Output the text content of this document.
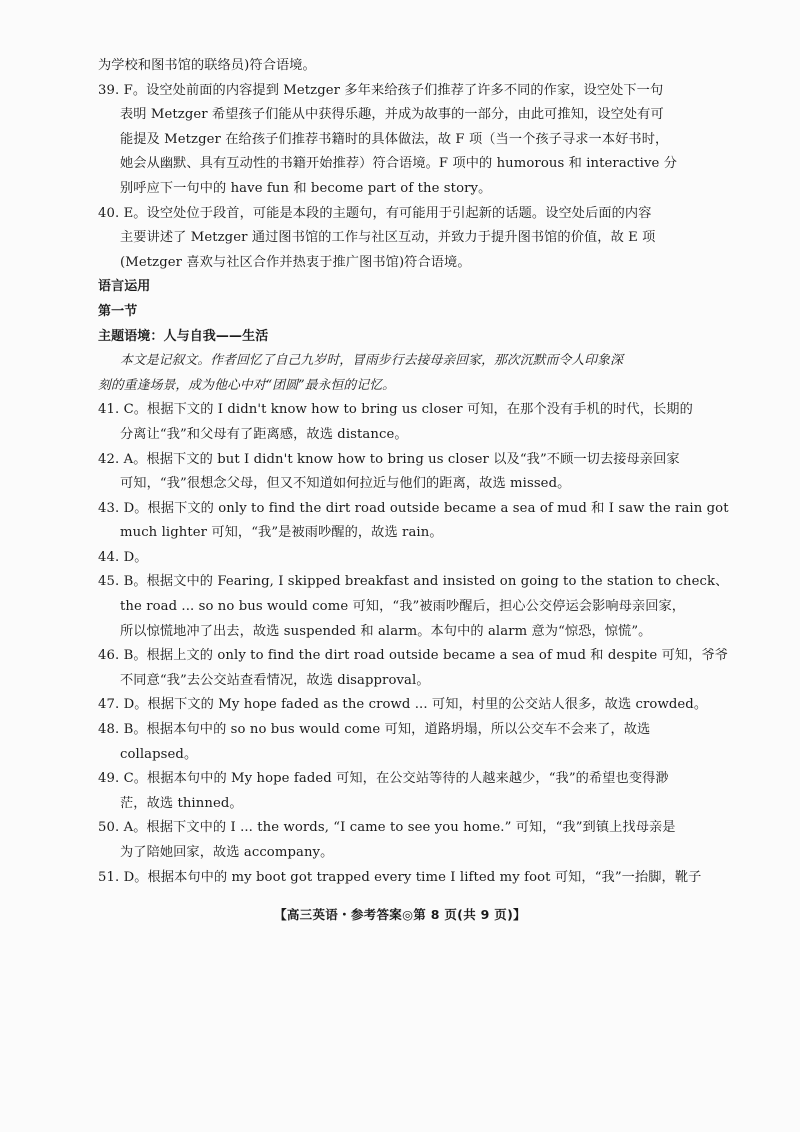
为学校和图书馆的联络员)符合语境。
39. F。设空处前面的内容提到 Metzger 多年来给孩子们推荐了许多不同的作家，设空处下一句
表明 Metzger 希望孩子们能从中获得乐趣，并成为故事的一部分，由此可推知，设空处有可
能提及 Metzger 在给孩子们推荐书籍时的具体做法，故 F 项（当一个孩子寻求一本好书时，
她会从幽默、具有互动性的书籍开始推荐）符合语境。F 项中的 humorous 和 interactive 分
别呼应下一句中的 have fun 和 become part of the story。
40. E。设空处位于段首，可能是本段的主题句，有可能用于引起新的话题。设空处后面的内容
主要讲述了 Metzger 通过图书馆的工作与社区互动，并致力于提升图书馆的价值，故 E 项
(Metzger 喜欢与社区合作并热衷于推广图书馆)符合语境。
语言运用
第一节
主题语境：人与自我——生活
本文是记叙文。作者回忆了自己九岁时，冒雨步行去接母亲回家，那次沉默而令人印象深
刻的重逢场景，成为他心中对“团圆”最永恒的记忆。
41. C。根据下文的 I didn't know how to bring us closer 可知，在那个没有手机的时代，长期的
分离让“我”和父母有了距离感，故选 distance。
42. A。根据下文的 but I didn't know how to bring us closer 以及“我”不顾一切去接母亲回家
可知，“我”很想念父母，但又不知道如何拉近与他们的距离，故选 missed。
43. D。根据下文的 only to find the dirt road outside became a sea of mud 和 I saw the rain got
much lighter 可知，“我”是被雨吵醒的，故选 rain。
44. D。
45. B。根据文中的 Fearing, I skipped breakfast and insisted on going to the station to check、
the road ... so no bus would come 可知，“我”被雨吵醒后，担心公交停运会影响母亲回家，
所以惊慌地冲了出去，故选 suspended 和 alarm。本句中的 alarm 意为“惊恐，惊慌”。
46. B。根据上文的 only to find the dirt road outside became a sea of mud 和 despite 可知，爷爷
不同意“我”去公交站查看情况，故选 disapproval。
47. D。根据下文的 My hope faded as the crowd ... 可知，村里的公交站人很多，故选 crowded。
48. B。根据本句中的 so no bus would come 可知，道路坍塌，所以公交车不会来了，故选
collapsed。
49. C。根据本句中的 My hope faded 可知，在公交站等待的人越来越少，“我”的希望也变得渺
茫，故选 thinned。
50. A。根据下文中的 I ... the words, “I came to see you home.” 可知，“我”到镇上找母亲是
为了陪她回家，故选 accompany。
51. D。根据本句中的 my boot got trapped every time I lifted my foot 可知，“我”一抬脚，靴子
【高三英语・参考答案◎第 8 页(共 9 页)】
